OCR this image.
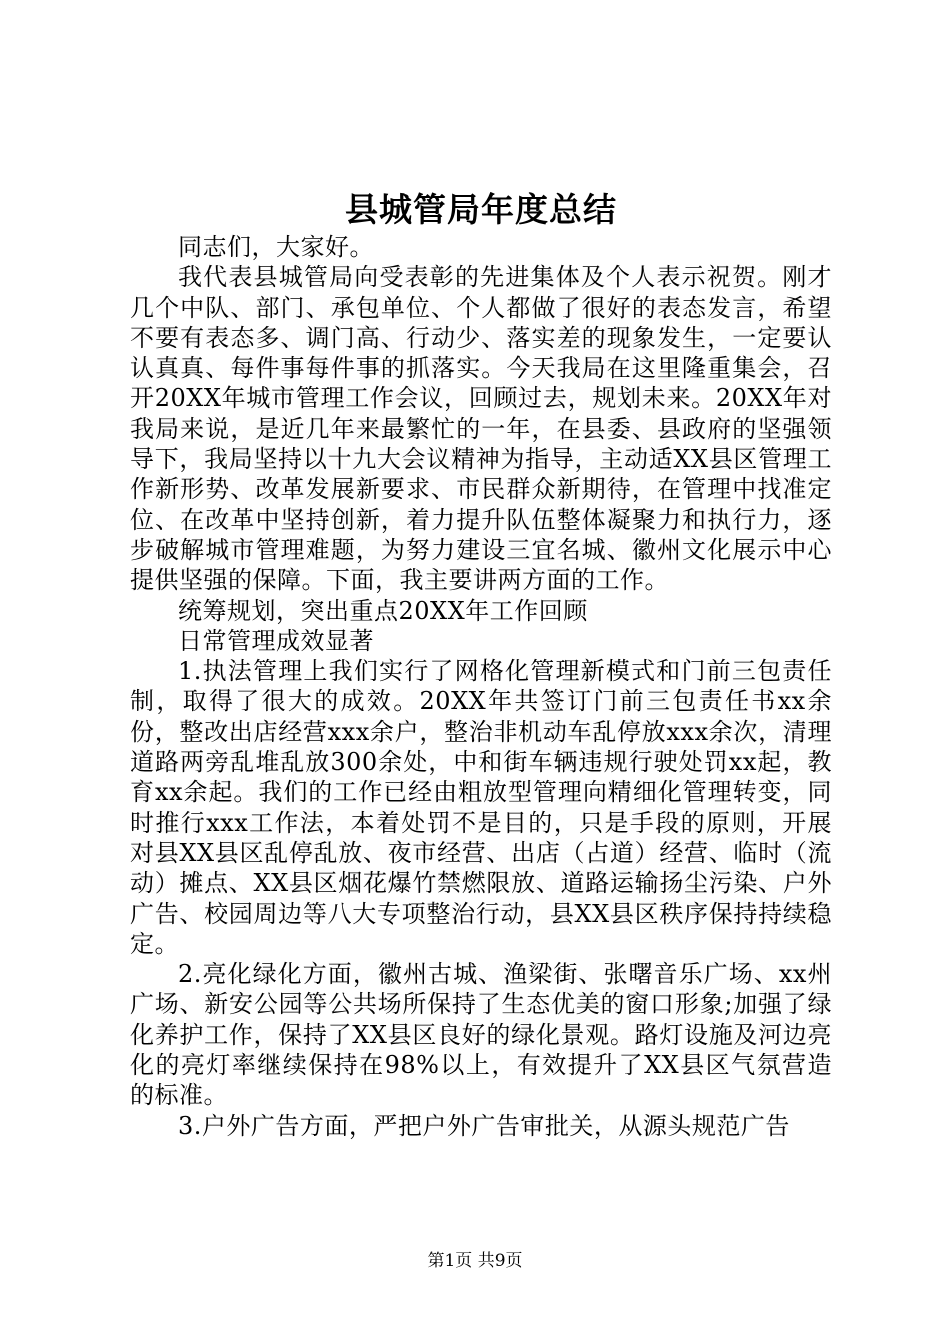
县城管局年度总结

同志们，大家好。

我代表县城管局向受表彰的先进集体及个人表示祝贺。刚才几个中队、部门、承包单位、个人都做了很好的表态发言，希望不要有表态多、调门高、行动少、落实差的现象发生，一定要认认真真、每件事每件事的抓落实。今天我局在这里隆重集会，召开20XX年城市管理工作会议，回顾过去，规划未来。20XX年对我局来说，是近几年来最繁忙的一年，在县委、县政府的坚强领导下，我局坚持以十九大会议精神为指导，主动适XX县区管理工作新形势、改革发展新要求、市民群众新期待，在管理中找准定位、在改革中坚持创新，着力提升队伍整体凝聚力和执行力，逐步破解城市管理难题，为努力建设三宜名城、徽州文化展示中心提供坚强的保障。下面，我主要讲两方面的工作。

统筹规划，突出重点20XX年工作回顾

日常管理成效显著

1.执法管理上我们实行了网格化管理新模式和门前三包责任制，取得了很大的成效。20XX年共签订门前三包责任书xx余份，整改出店经营xxx余户，整治非机动车乱停放xxx余次，清理道路两旁乱堆乱放300余处，中和街车辆违规行驶处罚xx起，教育xx余起。我们的工作已经由粗放型管理向精细化管理转变，同时推行xxx工作法，本着处罚不是目的，只是手段的原则，开展对县XX县区乱停乱放、夜市经营、出店（占道）经营、临时（流动）摊点、XX县区烟花爆竹禁燃限放、道路运输扬尘污染、户外广告、校园周边等八大专项整治行动，县XX县区秩序保持持续稳定。

2.亮化绿化方面，徽州古城、渔梁街、张曙音乐广场、xx州广场、新安公园等公共场所保持了生态优美的窗口形象;加强了绿化养护工作，保持了XX县区良好的绿化景观。路灯设施及河边亮化的亮灯率继续保持在98%以上，有效提升了XX县区气氛营造的标准。

3.户外广告方面，严把户外广告审批关，从源头规范广告

第1页 共9页
